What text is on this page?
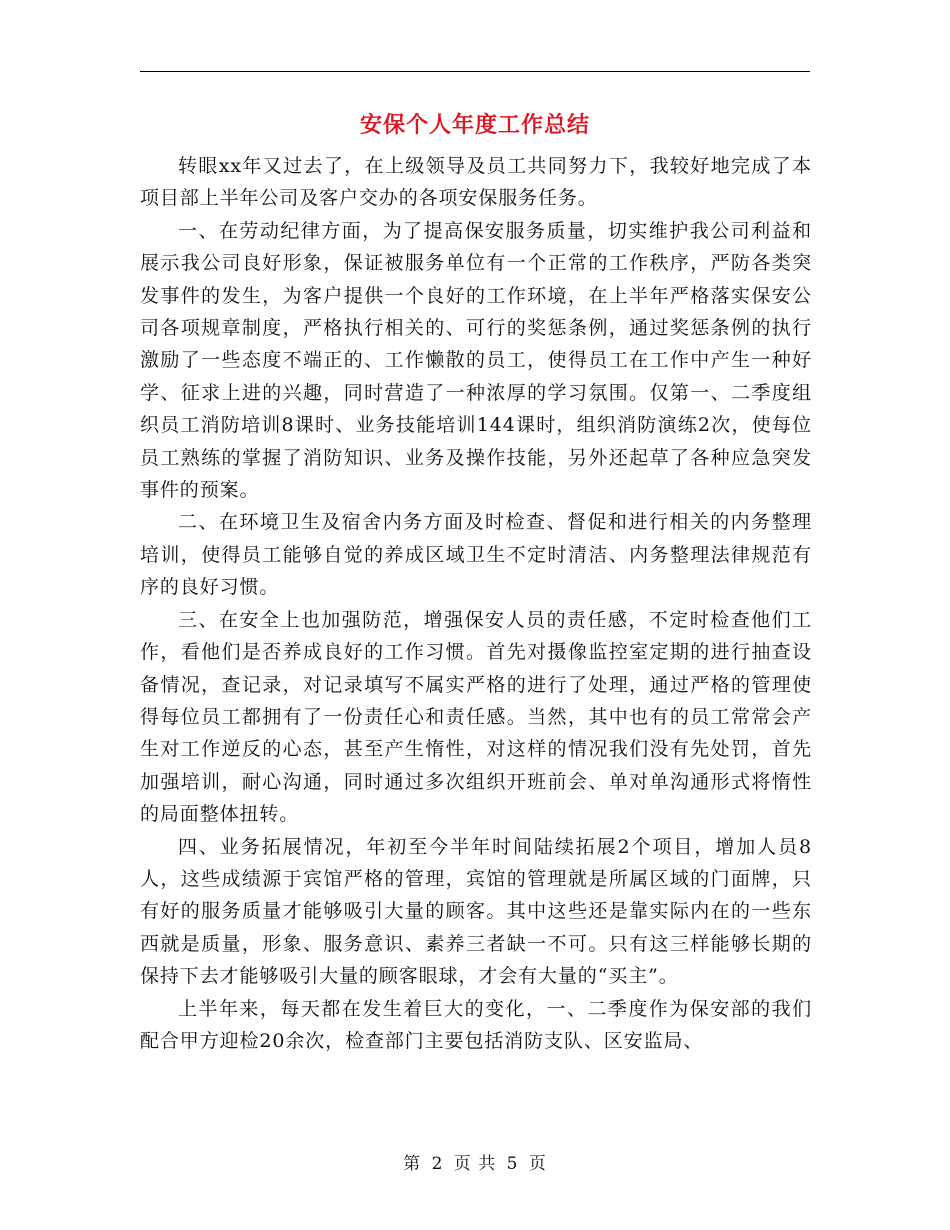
安保个人年度工作总结

转眼xx年又过去了，在上级领导及员工共同努力下，我较好地完成了本项目部上半年公司及客户交办的各项安保服务任务。

一、在劳动纪律方面，为了提高保安服务质量，切实维护我公司利益和展示我公司良好形象，保证被服务单位有一个正常的工作秩序，严防各类突发事件的发生，为客户提供一个良好的工作环境，在上半年严格落实保安公司各项规章制度，严格执行相关的、可行的奖惩条例，通过奖惩条例的执行激励了一些态度不端正的、工作懒散的员工，使得员工在工作中产生一种好学、征求上进的兴趣，同时营造了一种浓厚的学习氛围。仅第一、二季度组织员工消防培训8课时、业务技能培训144课时，组织消防演练2次，使每位员工熟练的掌握了消防知识、业务及操作技能，另外还起草了各种应急突发事件的预案。

二、在环境卫生及宿舍内务方面及时检查、督促和进行相关的内务整理培训，使得员工能够自觉的养成区域卫生不定时清洁、内务整理法律规范有序的良好习惯。

三、在安全上也加强防范，增强保安人员的责任感，不定时检查他们工作，看他们是否养成良好的工作习惯。首先对摄像监控室定期的进行抽查设备情况，查记录，对记录填写不属实严格的进行了处理，通过严格的管理使得每位员工都拥有了一份责任心和责任感。当然，其中也有的员工常常会产生对工作逆反的心态，甚至产生惰性，对这样的情况我们没有先处罚，首先加强培训，耐心沟通，同时通过多次组织开班前会、单对单沟通形式将惰性的局面整体扭转。

四、业务拓展情况，年初至今半年时间陆续拓展2个项目，增加人员8人，这些成绩源于宾馆严格的管理，宾馆的管理就是所属区域的门面牌，只有好的服务质量才能够吸引大量的顾客。其中这些还是靠实际内在的一些东西就是质量，形象、服务意识、素养三者缺一不可。只有这三样能够长期的保持下去才能够吸引大量的顾客眼球，才会有大量的“买主”。

上半年来，每天都在发生着巨大的变化，一、二季度作为保安部的我们配合甲方迎检20余次，检查部门主要包括消防支队、区安监局、

第 2 页 共 5 页
